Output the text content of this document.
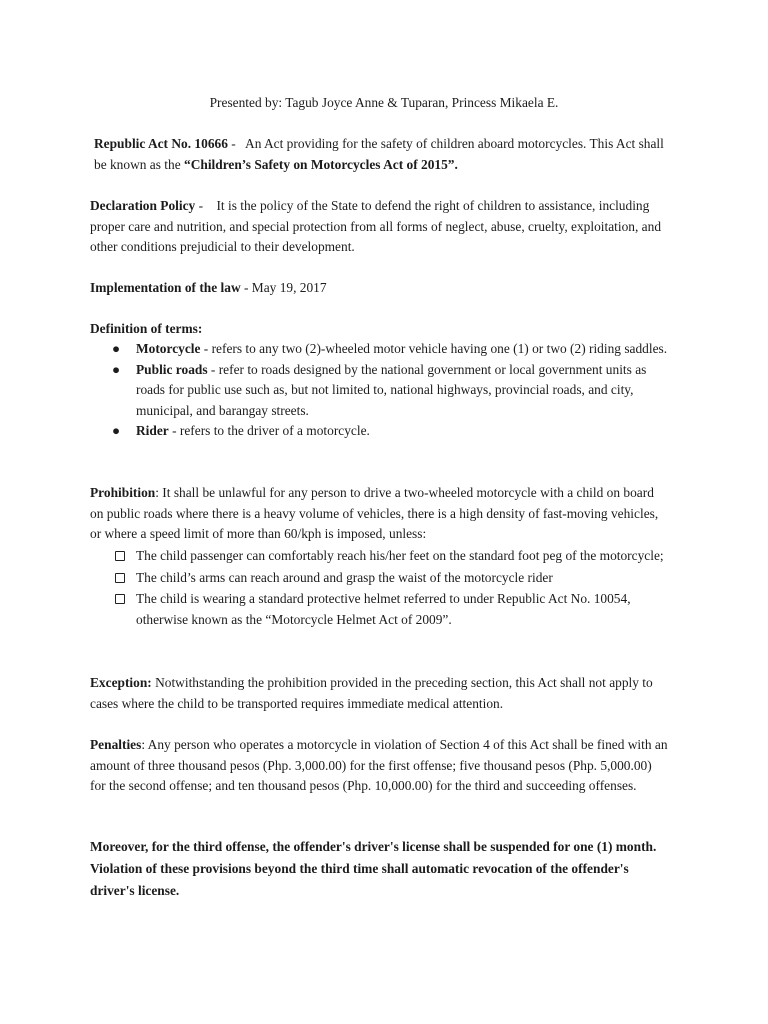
Presented by: Tagub Joyce Anne & Tuparan, Princess Mikaela E.

Republic Act No. 10666 -   An Act providing for the safety of children aboard motorcycles. This Act shall be known as the “Children’s Safety on Motorcycles Act of 2015”.

Declaration Policy -    It is the policy of the State to defend the right of children to assistance, including proper care and nutrition, and special protection from all forms of neglect, abuse, cruelty, exploitation, and other conditions prejudicial to their development.

Implementation of the law - May 19, 2017

Definition of terms:

● Motorcycle - refers to any two (2)-wheeled motor vehicle having one (1) or two (2) riding saddles.
● Public roads - refer to roads designed by the national government or local government units as roads for public use such as, but not limited to, national highways, provincial roads, and city, municipal, and barangay streets.
● Rider - refers to the driver of a motorcycle.

Prohibition: It shall be unlawful for any person to drive a two-wheeled motorcycle with a child on board on public roads where there is a heavy volume of vehicles, there is a high density of fast-moving vehicles, or where a speed limit of more than 60/kph is imposed, unless:

The child passenger can comfortably reach his/her feet on the standard foot peg of the motorcycle;
The child’s arms can reach around and grasp the waist of the motorcycle rider
The child is wearing a standard protective helmet referred to under Republic Act No. 10054, otherwise known as the “Motorcycle Helmet Act of 2009”.

Exception: Notwithstanding the prohibition provided in the preceding section, this Act shall not apply to cases where the child to be transported requires immediate medical attention.

Penalties: Any person who operates a motorcycle in violation of Section 4 of this Act shall be fined with an amount of three thousand pesos (Php. 3,000.00) for the first offense; five thousand pesos (Php. 5,000.00) for the second offense; and ten thousand pesos (Php. 10,000.00) for the third and succeeding offenses.

Moreover, for the third offense, the offender's driver's license shall be suspended for one (1) month. Violation of these provisions beyond the third time shall automatic revocation of the offender's driver's license.
